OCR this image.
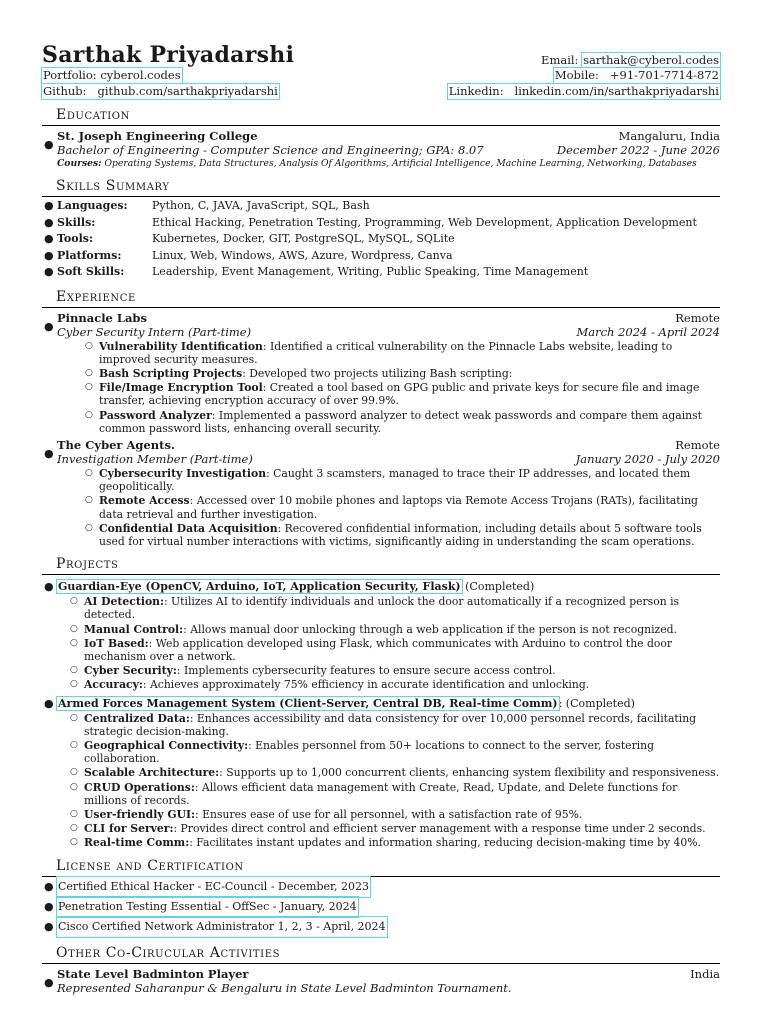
Sarthak Priyadarshi	Email: sarthak@cyberol.codes
Portfolio: cyberol.codes	Mobile: +91-701-7714-872
Github: github.com/sarthakpriyadarshi	Linkedin: linkedin.com/in/sarthakpriyadarshi
Education
●
St. Joseph Engineering College	Mangaluru, India
Bachelor of Engineering - Computer Science and Engineering; GPA: 8.07	December 2022 - June 2026
Courses: Operating Systems, Data Structures, Analysis Of Algorithms, Artificial Intelligence, Machine Learning, Networking, Databases
Skills Summary
● Languages:	Python, C, JAVA, JavaScript, SQL, Bash
● Skills:	Ethical Hacking, Penetration Testing, Programming, Web Development, Application Development
● Tools:	Kubernetes, Docker, GIT, PostgreSQL, MySQL, SQLite
● Platforms:	Linux, Web, Windows, AWS, Azure, Wordpress, Canva
● Soft Skills:	Leadership, Event Management, Writing, Public Speaking, Time Management
Experience
●
Pinnacle Labs	Remote
Cyber Security Intern (Part-time)	March 2024 - April 2024
○ Vulnerability Identification: Identified a critical vulnerability on the Pinnacle Labs website, leading to improved security measures.
○ Bash Scripting Projects: Developed two projects utilizing Bash scripting:
○ File/Image Encryption Tool: Created a tool based on GPG public and private keys for secure file and image transfer, achieving encryption accuracy of over 99.9%.
○ Password Analyzer: Implemented a password analyzer to detect weak passwords and compare them against common password lists, enhancing overall security.
●
The Cyber Agents.	Remote
Investigation Member (Part-time)	January 2020 - July 2020
○ Cybersecurity Investigation: Caught 3 scamsters, managed to trace their IP addresses, and located them geopolitically.
○ Remote Access: Accessed over 10 mobile phones and laptops via Remote Access Trojans (RATs), facilitating data retrieval and further investigation.
○ Confidential Data Acquisition: Recovered confidential information, including details about 5 software tools used for virtual number interactions with victims, significantly aiding in understanding the scam operations.
Projects
● Guardian-Eye (OpenCV, Arduino, IoT, Application Security, Flask) (Completed)
○ AI Detection:: Utilizes AI to identify individuals and unlock the door automatically if a recognized person is detected.
○ Manual Control:: Allows manual door unlocking through a web application if the person is not recognized.
○ IoT Based:: Web application developed using Flask, which communicates with Arduino to control the door mechanism over a network.
○ Cyber Security:: Implements cybersecurity features to ensure secure access control.
○ Accuracy:: Achieves approximately 75% efficiency in accurate identification and unlocking.
● Armed Forces Management System (Client-Server, Central DB, Real-time Comm): (Completed)
○ Centralized Data:: Enhances accessibility and data consistency for over 10,000 personnel records, facilitating strategic decision-making.
○ Geographical Connectivity:: Enables personnel from 50+ locations to connect to the server, fostering collaboration.
○ Scalable Architecture:: Supports up to 1,000 concurrent clients, enhancing system flexibility and responsiveness.
○ CRUD Operations:: Allows efficient data management with Create, Read, Update, and Delete functions for millions of records.
○ User-friendly GUI:: Ensures ease of use for all personnel, with a satisfaction rate of 95%.
○ CLI for Server:: Provides direct control and efficient server management with a response time under 2 seconds.
○ Real-time Comm:: Facilitates instant updates and information sharing, reducing decision-making time by 40%.
License and Certification
● Certified Ethical Hacker - EC-Council - December, 2023
● Penetration Testing Essential - OffSec - January, 2024
● Cisco Certified Network Administrator 1, 2, 3 - April, 2024
Other Co-Cirucular Activities
●
State Level Badminton Player	India
Represented Saharanpur & Bengaluru in State Level Badminton Tournament.
